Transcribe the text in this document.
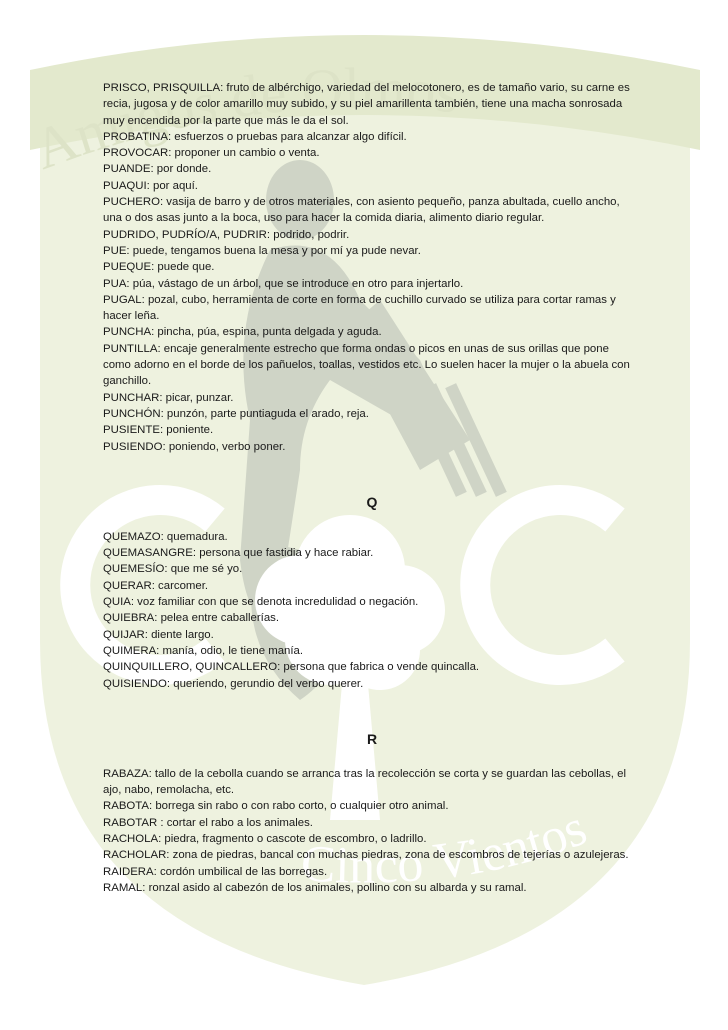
Amigos de Olmos
Cinco Vientos

PRISCO, PRISQUILLA: fruto de albérchigo, variedad del melocotonero, es de tamaño vario, su carne es recia, jugosa y de color amarillo muy subido, y su piel amarillenta también, tiene una macha sonrosada muy encendida por la parte que más le da el sol.

PROBATINA: esfuerzos o pruebas para alcanzar algo difícil.

PROVOCAR: proponer un cambio o venta.

PUANDE: por donde.

PUAQUI: por aquí.

PUCHERO: vasija de barro y de otros materiales, con asiento pequeño, panza abultada, cuello ancho, una o dos asas junto a la boca, uso para hacer la comida diaria, alimento diario regular.

PUDRIDO, PUDRÍO/A, PUDRIR: podrido, podrir.

PUE: puede, tengamos buena la mesa y por mí ya pude nevar.

PUEQUE: puede que.

PUA: púa, vástago de un árbol, que se introduce en otro para injertarlo.

PUGAL: pozal, cubo, herramienta de corte en forma de cuchillo curvado se utiliza para cortar ramas y hacer leña.

PUNCHA: pincha, púa, espina, punta delgada y aguda.

PUNTILLA: encaje generalmente estrecho que forma ondas o picos en unas de sus orillas que pone como adorno en el borde de los pañuelos, toallas, vestidos etc. Lo suelen hacer la mujer o la abuela con ganchillo.

PUNCHAR: picar, punzar.

PUNCHÓN: punzón, parte puntiaguda el arado, reja.

PUSIENTE: poniente.

PUSIENDO: poniendo, verbo poner.

Q

QUEMAZO: quemadura.

QUEMASANGRE: persona que fastidia y hace rabiar.

QUEMESÍO: que me sé yo.

QUERAR: carcomer.

QUIA: voz familiar con que se denota incredulidad o negación.

QUIEBRA: pelea entre caballerías.

QUIJAR: diente largo.

QUIMERA: manía, odio, le tiene manía.

QUINQUILLERO, QUINCALLERO: persona que fabrica o vende quincalla.

QUISIENDO: queriendo, gerundio del verbo querer.

R

RABAZA: tallo de la cebolla cuando se arranca tras la recolección se corta y se guardan las cebollas, el ajo, nabo, remolacha, etc.

RABOTA: borrega sin rabo o con rabo corto, o cualquier otro animal.

RABOTAR : cortar el rabo a los animales.

RACHOLA: piedra, fragmento o cascote de escombro, o ladrillo.

RACHOLAR: zona de piedras, bancal con muchas piedras, zona de escombros de tejerías o azulejeras.

RAIDERA: cordón umbilical de las borregas.

RAMAL: ronzal asido al cabezón de los animales, pollino con su albarda y su ramal.
